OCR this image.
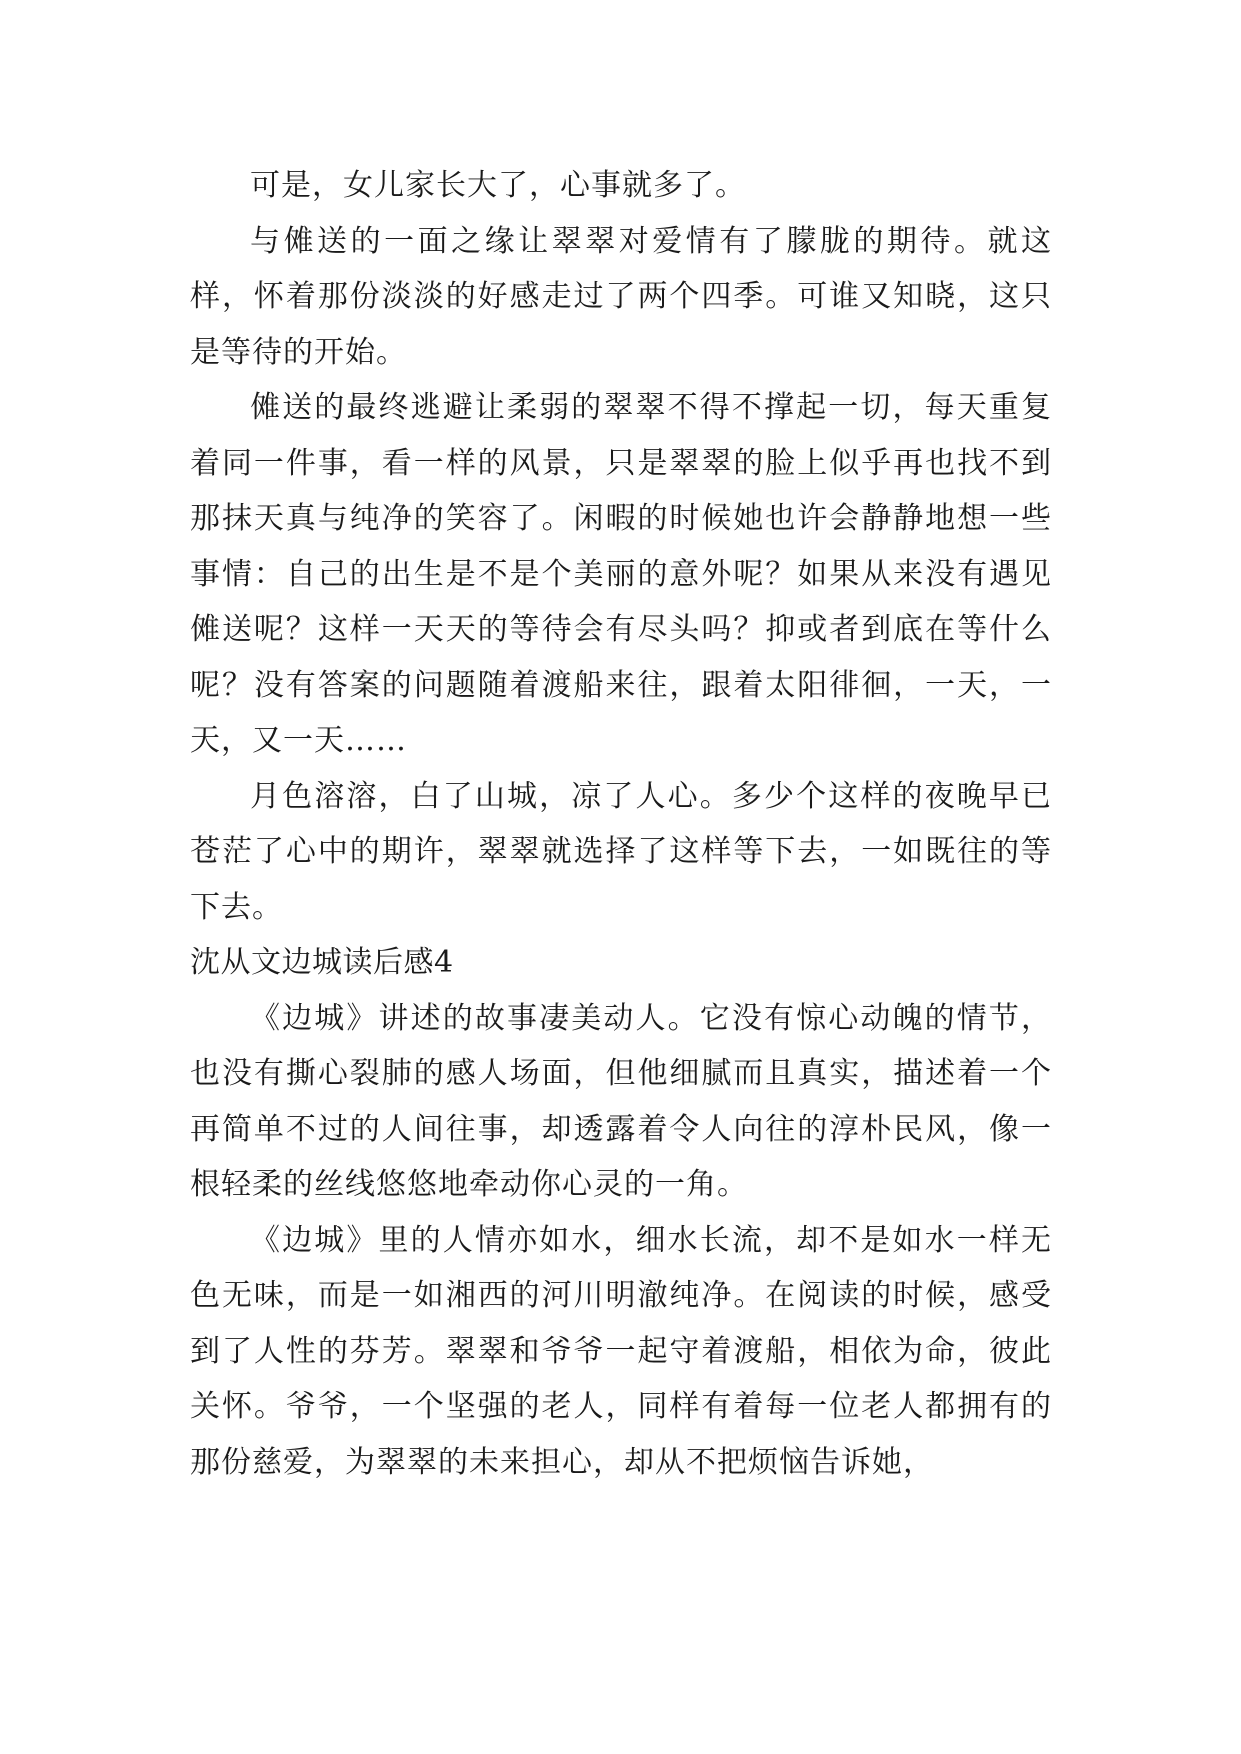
可是，女儿家长大了，心事就多了。

与傩送的一面之缘让翠翠对爱情有了朦胧的期待。就这样，怀着那份淡淡的好感走过了两个四季。可谁又知晓，这只是等待的开始。

傩送的最终逃避让柔弱的翠翠不得不撑起一切，每天重复着同一件事，看一样的风景，只是翠翠的脸上似乎再也找不到那抹天真与纯净的笑容了。闲暇的时候她也许会静静地想一些事情：自己的出生是不是个美丽的意外呢？如果从来没有遇见傩送呢？这样一天天的等待会有尽头吗？抑或者到底在等什么呢？没有答案的问题随着渡船来往，跟着太阳徘徊，一天，一天，又一天……

月色溶溶，白了山城，凉了人心。多少个这样的夜晚早已苍茫了心中的期许，翠翠就选择了这样等下去，一如既往的等下去。

沈从文边城读后感4

《边城》讲述的故事凄美动人。它没有惊心动魄的情节，也没有撕心裂肺的感人场面，但他细腻而且真实，描述着一个再简单不过的人间往事，却透露着令人向往的淳朴民风，像一根轻柔的丝线悠悠地牵动你心灵的一角。

《边城》里的人情亦如水，细水长流，却不是如水一样无色无味，而是一如湘西的河川明澈纯净。在阅读的时候，感受到了人性的芬芳。翠翠和爷爷一起守着渡船，相依为命，彼此关怀。爷爷，一个坚强的老人，同样有着每一位老人都拥有的那份慈爱，为翠翠的未来担心，却从不把烦恼告诉她，
